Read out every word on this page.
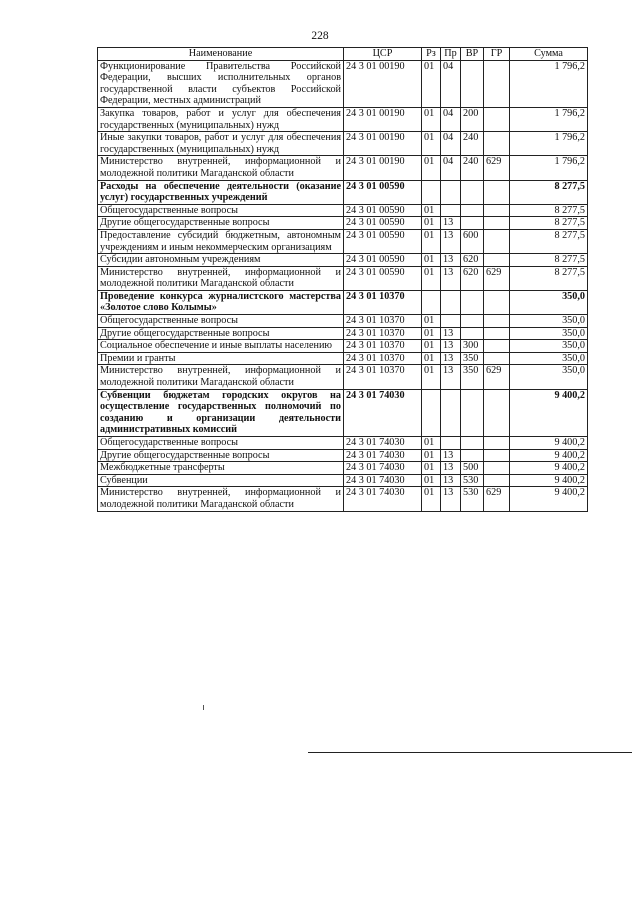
228
Наименование	ЦСР	Рз	Пр	ВР	ГР	Сумма
Функционирование Правительства Российской Федерации, высших исполнительных органов государственной власти субъектов Российской Федерации, местных администраций	24 3 01 00190	01	04			1 796,2
Закупка товаров, работ и услуг для обеспечения государственных (муниципальных) нужд	24 3 01 00190	01	04	200		1 796,2
Иные закупки товаров, работ и услуг для обеспечения государственных (муниципальных) нужд	24 3 01 00190	01	04	240		1 796,2
Министерство внутренней, информационной и молодежной политики Магаданской области	24 3 01 00190	01	04	240	629	1 796,2
Расходы на обеспечение деятельности (оказание услуг) государственных учреждений	24 3 01 00590					8 277,5
Общегосударственные вопросы	24 3 01 00590	01				8 277,5
Другие общегосударственные вопросы	24 3 01 00590	01	13			8 277,5
Предоставление субсидий бюджетным, автономным учреждениям и иным некоммерческим организациям	24 3 01 00590	01	13	600		8 277,5
Субсидии автономным учреждениям	24 3 01 00590	01	13	620		8 277,5
Министерство внутренней, информационной и молодежной политики Магаданской области	24 3 01 00590	01	13	620	629	8 277,5
Проведение конкурса журналистского мастерства «Золотое слово Колымы»	24 3 01 10370					350,0
Общегосударственные вопросы	24 3 01 10370	01				350,0
Другие общегосударственные вопросы	24 3 01 10370	01	13			350,0
Социальное обеспечение и иные выплаты населению	24 3 01 10370	01	13	300		350,0
Премии и гранты	24 3 01 10370	01	13	350		350,0
Министерство внутренней, информационной и молодежной политики Магаданской области	24 3 01 10370	01	13	350	629	350,0
Субвенции бюджетам городских округов на осуществление государственных полномочий по созданию и организации деятельности административных комиссий	24 3 01 74030					9 400,2
Общегосударственные вопросы	24 3 01 74030	01				9 400,2
Другие общегосударственные вопросы	24 3 01 74030	01	13			9 400,2
Межбюджетные трансферты	24 3 01 74030	01	13	500		9 400,2
Субвенции	24 3 01 74030	01	13	530		9 400,2
Министерство внутренней, информационной и молодежной политики Магаданской области	24 3 01 74030	01	13	530	629	9 400,2
